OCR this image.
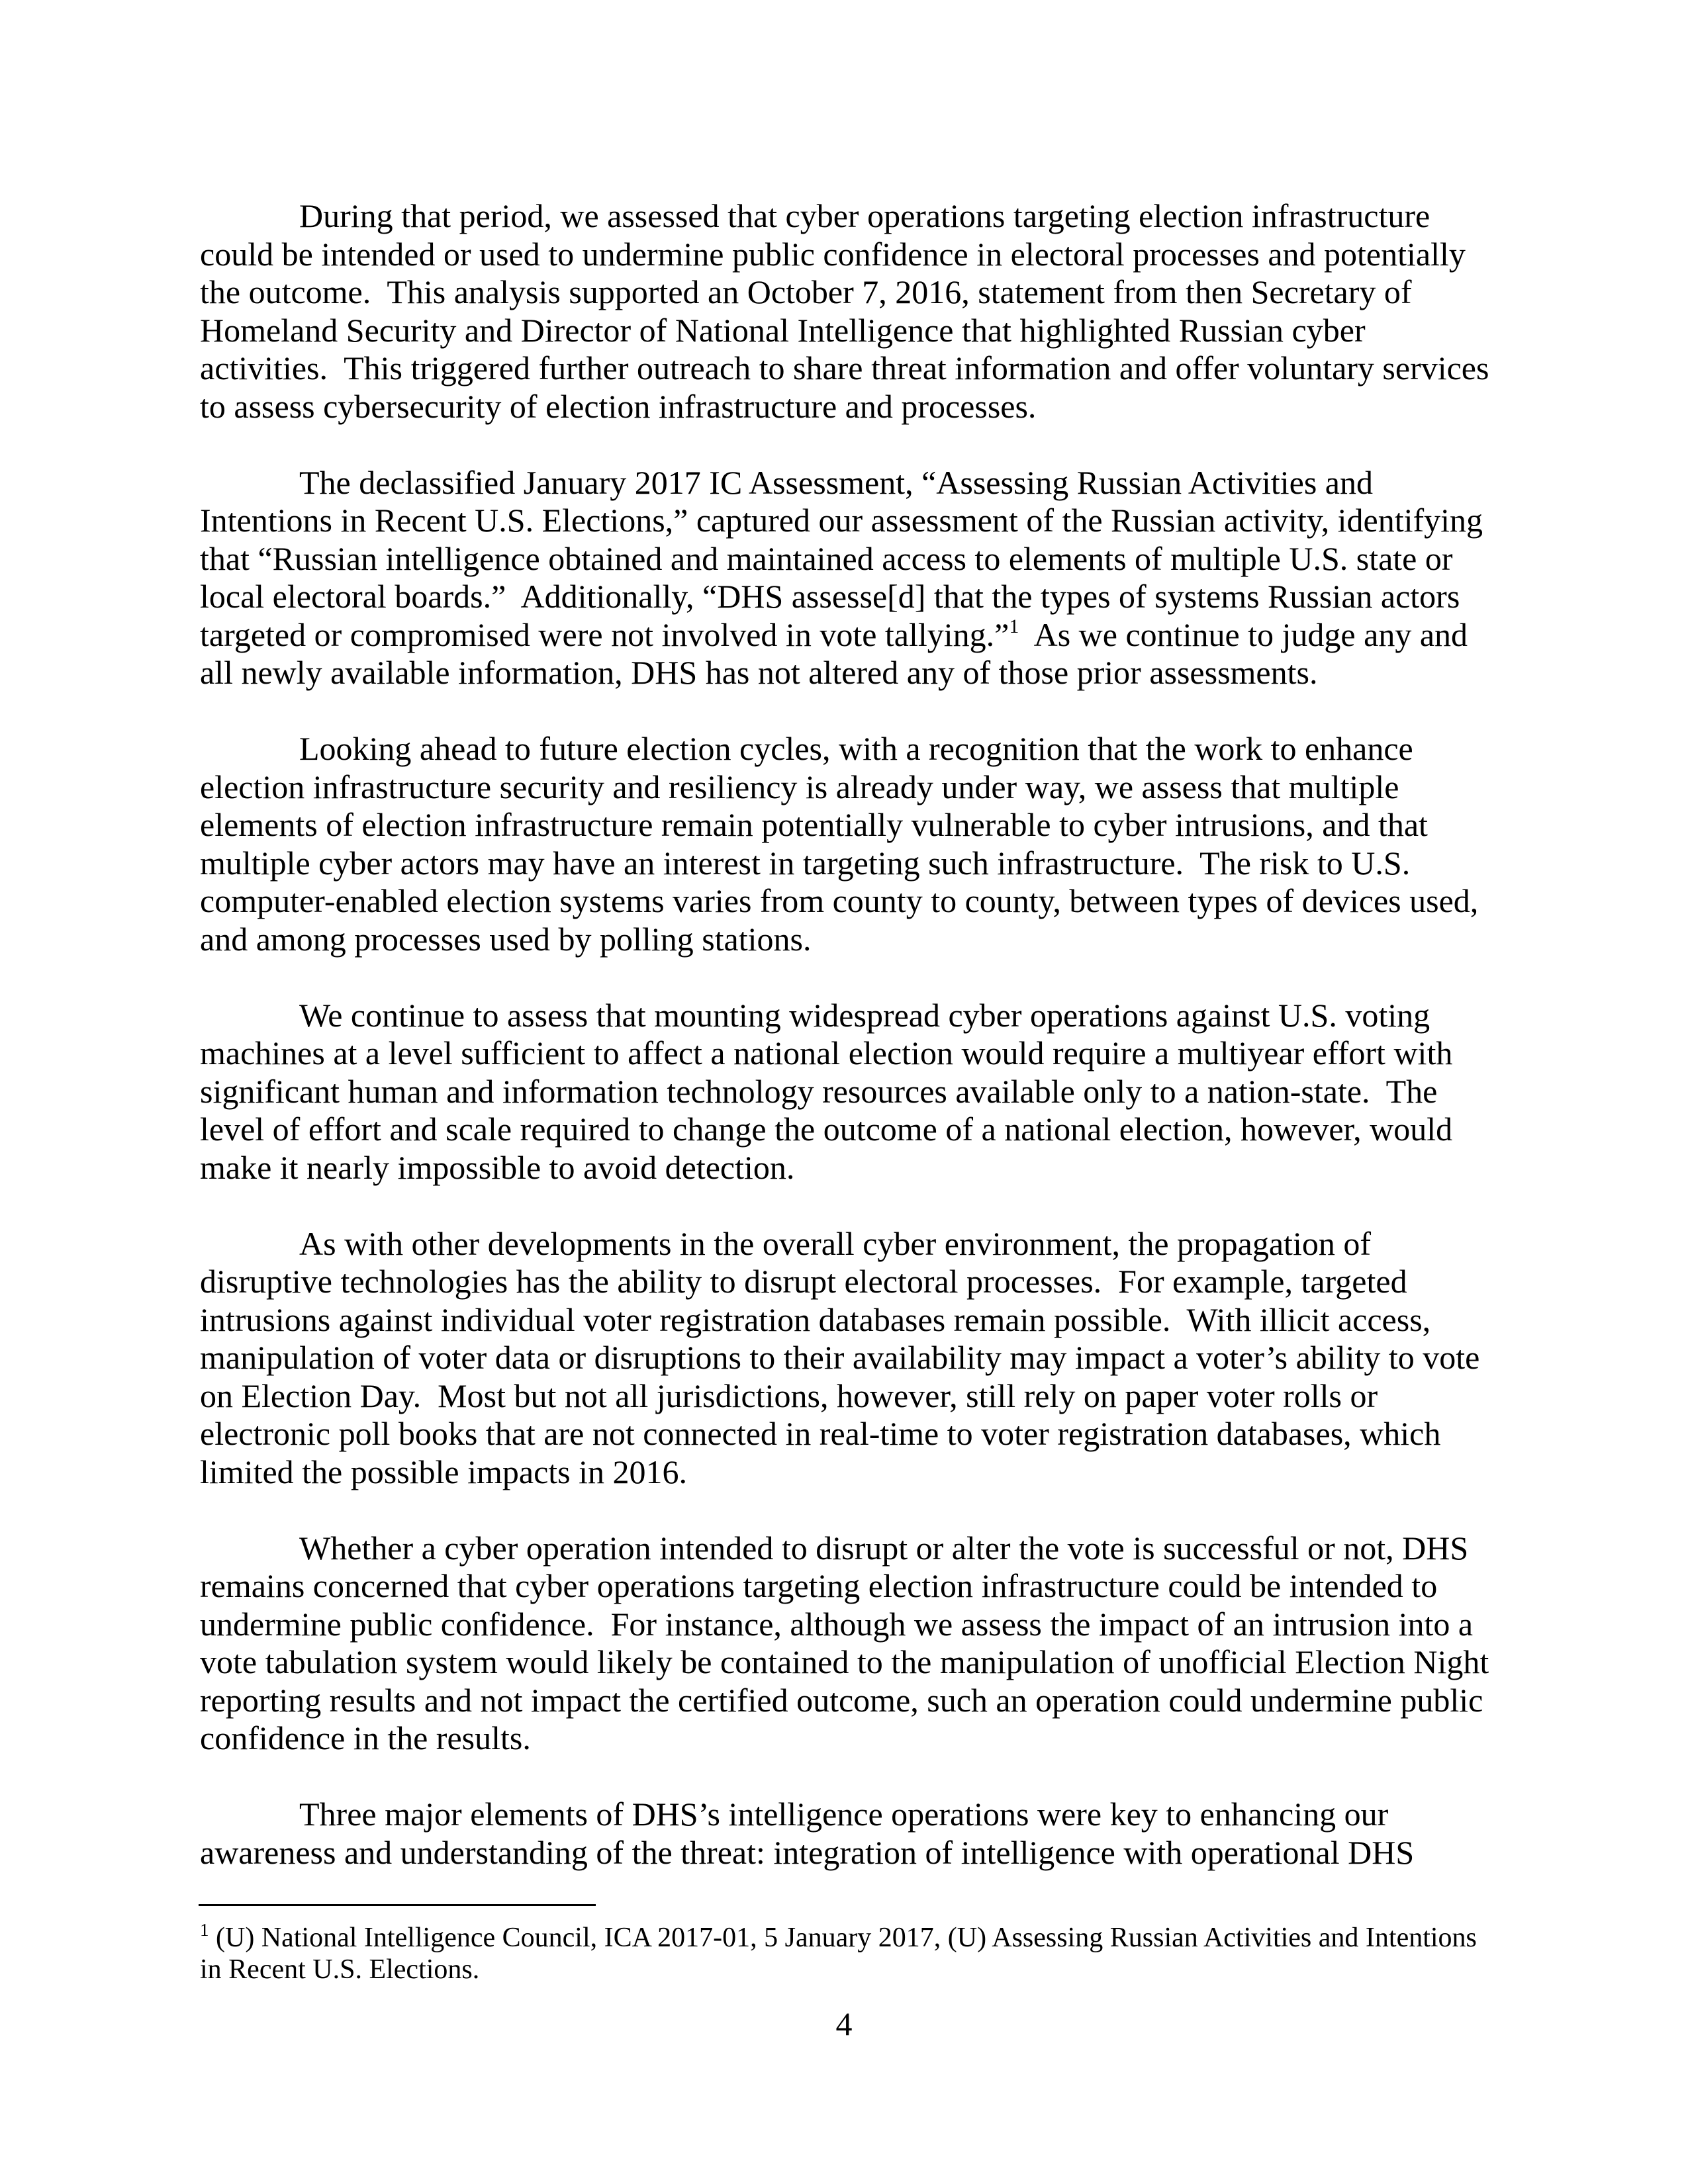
During that period, we assessed that cyber operations targeting election infrastructure
could be intended or used to undermine public confidence in electoral processes and potentially
the outcome.  This analysis supported an October 7, 2016, statement from then Secretary of
Homeland Security and Director of National Intelligence that highlighted Russian cyber
activities.  This triggered further outreach to share threat information and offer voluntary services
to assess cybersecurity of election infrastructure and processes.
The declassified January 2017 IC Assessment, “Assessing Russian Activities and
Intentions in Recent U.S. Elections,” captured our assessment of the Russian activity, identifying
that “Russian intelligence obtained and maintained access to elements of multiple U.S. state or
local electoral boards.”  Additionally, “DHS assesse[d] that the types of systems Russian actors
targeted or compromised were not involved in vote tallying.”$^1$  As we continue to judge any and
all newly available information, DHS has not altered any of those prior assessments.
Looking ahead to future election cycles, with a recognition that the work to enhance
election infrastructure security and resiliency is already under way, we assess that multiple
elements of election infrastructure remain potentially vulnerable to cyber intrusions, and that
multiple cyber actors may have an interest in targeting such infrastructure.  The risk to U.S.
computer-enabled election systems varies from county to county, between types of devices used,
and among processes used by polling stations.
We continue to assess that mounting widespread cyber operations against U.S. voting
machines at a level sufficient to affect a national election would require a multiyear effort with
significant human and information technology resources available only to a nation-state.  The
level of effort and scale required to change the outcome of a national election, however, would
make it nearly impossible to avoid detection.
As with other developments in the overall cyber environment, the propagation of
disruptive technologies has the ability to disrupt electoral processes.  For example, targeted
intrusions against individual voter registration databases remain possible.  With illicit access,
manipulation of voter data or disruptions to their availability may impact a voter’s ability to vote
on Election Day.  Most but not all jurisdictions, however, still rely on paper voter rolls or
electronic poll books that are not connected in real-time to voter registration databases, which
limited the possible impacts in 2016.
Whether a cyber operation intended to disrupt or alter the vote is successful or not, DHS
remains concerned that cyber operations targeting election infrastructure could be intended to
undermine public confidence.  For instance, although we assess the impact of an intrusion into a
vote tabulation system would likely be contained to the manipulation of unofficial Election Night
reporting results and not impact the certified outcome, such an operation could undermine public
confidence in the results.
Three major elements of DHS’s intelligence operations were key to enhancing our
awareness and understanding of the threat: integration of intelligence with operational DHS
$^1$ (U) National Intelligence Council, ICA 2017-01, 5 January 2017, (U) Assessing Russian Activities and Intentions
in Recent U.S. Elections.
4
